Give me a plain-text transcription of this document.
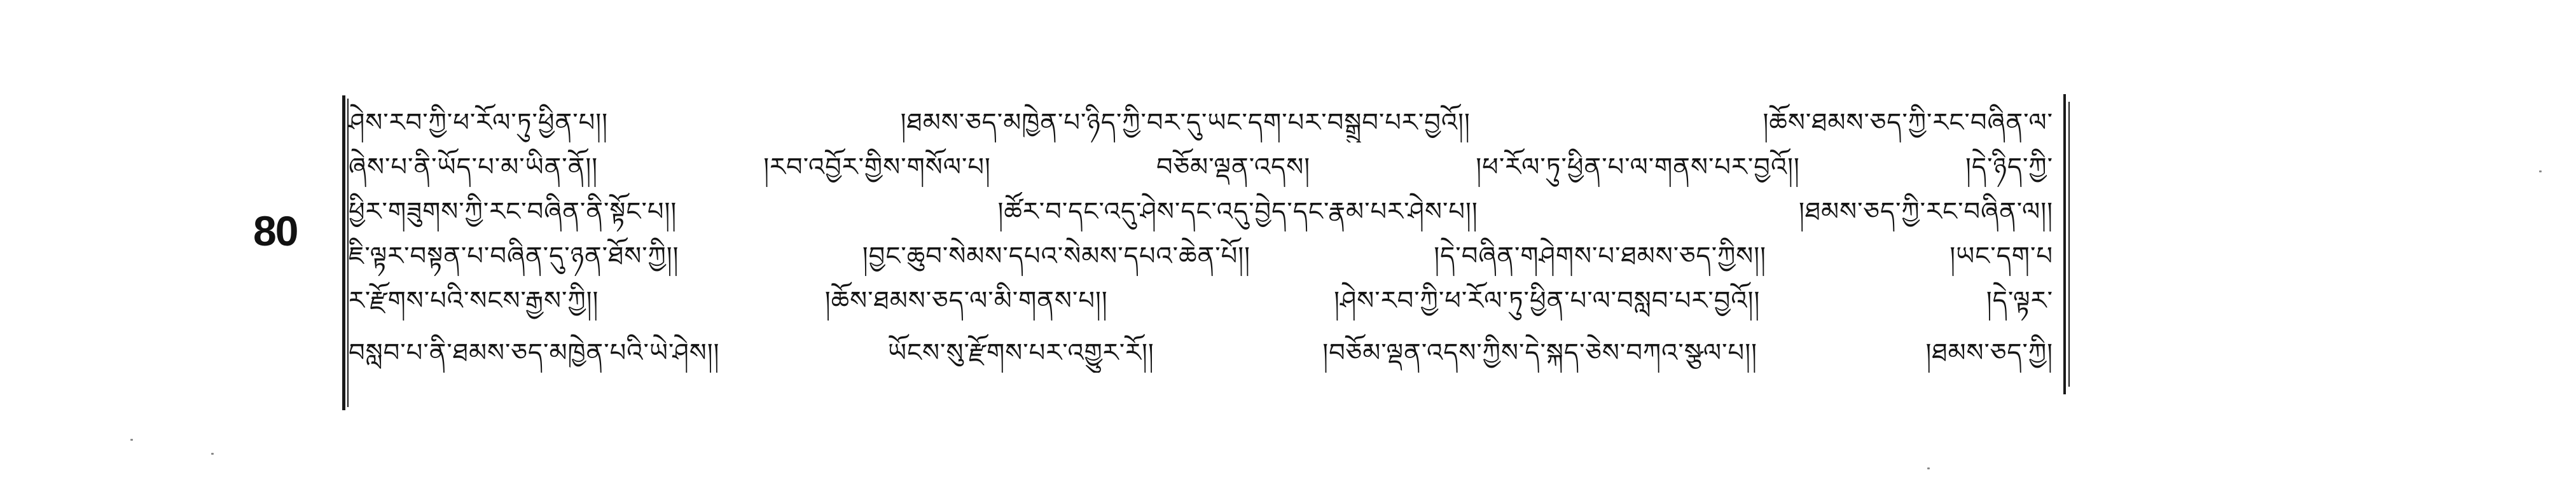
80
ཤེས་རབ་ཀྱི་ཕ་རོལ་ཏུ་ཕྱིན་པ།། །ཐམས་ཅད་མཁྱེན་པ་ཉིད་ཀྱི་བར་དུ་ཡང་དག་པར་བསྒྲུབ་པར་བྱའོ།། །ཆོས་ཐམས་ཅད་ཀྱི་རང་བཞིན་ལ་
ཞེས་པ་ནི་ཡོད་པ་མ་ཡིན་ནོ།། །རབ་འབྱོར་གྱིས་གསོལ་པ། བཅོམ་ལྡན་འདས། །ཕ་རོལ་ཏུ་ཕྱིན་པ་ལ་གནས་པར་བྱའོ།། །དེ་ཉིད་ཀྱི་
ཕྱིར་གཟུགས་ཀྱི་རང་བཞིན་ནི་སྟོང་པ།། །ཚོར་བ་དང་འདུ་ཤེས་དང་འདུ་བྱེད་དང་རྣམ་པར་ཤེས་པ།། །ཐམས་ཅད་ཀྱི་རང་བཞིན་ལ།།
ཇི་ལྟར་བསྟན་པ་བཞིན་དུ་ཉན་ཐོས་ཀྱི།། །བྱང་ཆུབ་སེམས་དཔའ་སེམས་དཔའ་ཆེན་པོ།། །དེ་བཞིན་གཤེགས་པ་ཐམས་ཅད་ཀྱིས།། །ཡང་དག་པ
ར་རྫོགས་པའི་སངས་རྒྱས་ཀྱི།། །ཆོས་ཐམས་ཅད་ལ་མི་གནས་པ།། །ཤེས་རབ་ཀྱི་ཕ་རོལ་ཏུ་ཕྱིན་པ་ལ་བསླབ་པར་བྱའོ།། །དེ་ལྟར་
བསླབ་པ་ནི་ཐམས་ཅད་མཁྱེན་པའི་ཡེ་ཤེས།། ཡོངས་སུ་རྫོགས་པར་འགྱུར་རོ།། །བཅོམ་ལྡན་འདས་ཀྱིས་དེ་སྐད་ཅེས་བཀའ་སྩལ་པ།། །ཐམས་ཅད་ཀྱི།
